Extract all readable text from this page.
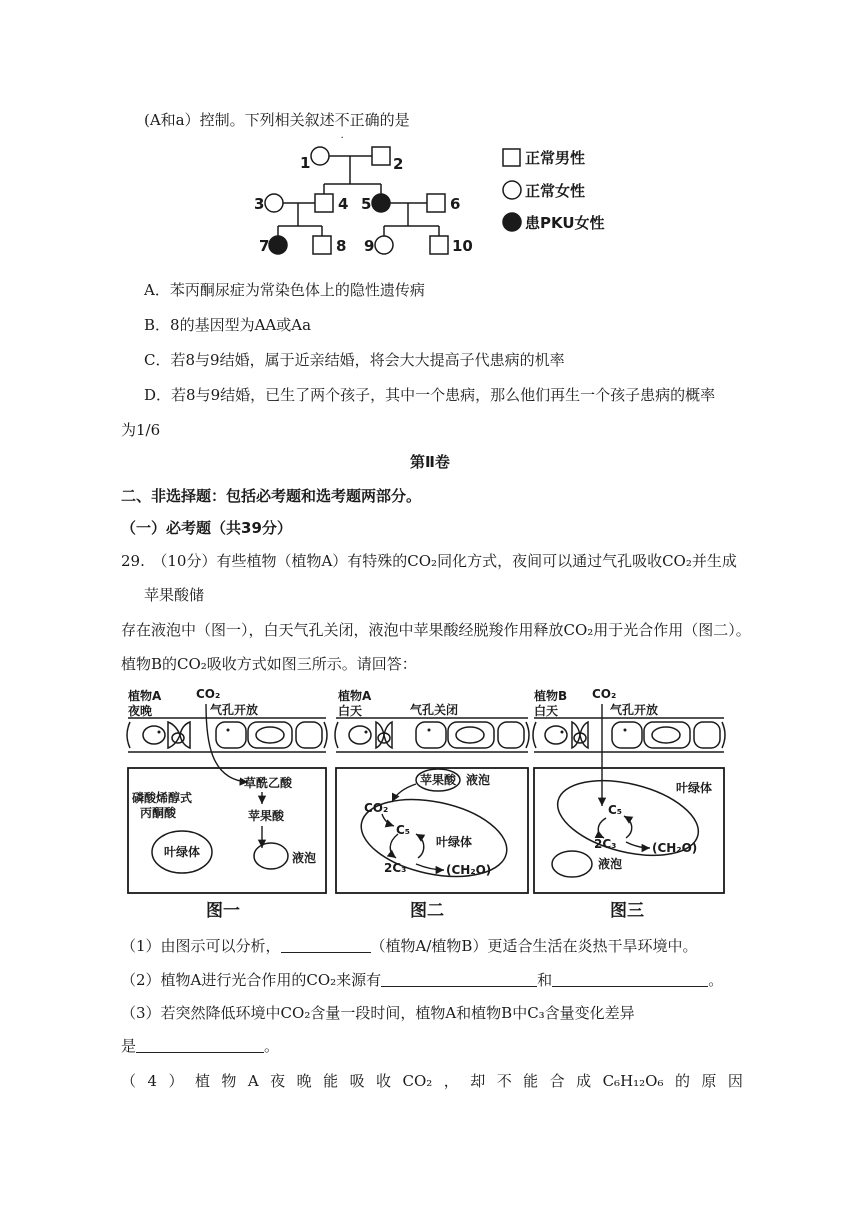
(A和a）控制。下列相关叙述不
·
正确的是
1	2
3	4 5	6
7	8 9	10
正常男性
正常女性
患PKU女性
A．苯丙酮尿症为常染色体上的隐性遗传病
B．8的基因型为AA或Aa
C．若8与9结婚，属于近亲结婚，将会大大提高子代患病的机率
D．若8与9结婚，已生了两个孩子，其中一个患病，那么他们再生一个孩子患病的概率
为1/6
第Ⅱ卷
二、非选择题：包括必考题和选考题两部分。
（一）必考题（共39分）
29.　（10分）有些植物（植物A）有特殊的CO₂同化方式，夜间可以通过气孔吸收CO₂并生成
苹果酸储
存在液泡中（图一），白天气孔关闭，液泡中苹果酸经脱羧作用释放CO₂用于光合作用（图二）。
植物B的CO₂吸收方式如图三所示。请回答：
植物A
夜晚
CO₂
气孔开放
磷酸烯醇式
丙酮酸
草酰乙酸
苹果酸
叶绿体	液泡
图一
植物A
白天	气孔关闭
苹果酸 液泡
CO₂
C₅
叶绿体
2C₃	(CH₂O)
图二
植物B
白天
CO₂
气孔开放
叶绿体
C₅
2C₃	(CH₂O)
液泡
图三
（1）由图示可以分析，	（植物A/植物B）更适合生活在炎热干旱环境中。
（2）植物A进行光合作用的CO₂来源有	和	。
（3）若突然降低环境中CO₂含量一段时间，植物A和植物B中C₃含量变化差异
是	。
（ 4 ） 植 物 A 夜 晚 能 吸 收 CO₂ ， 却 不 能 合 成 C₆H₁₂O₆ 的 原 因
